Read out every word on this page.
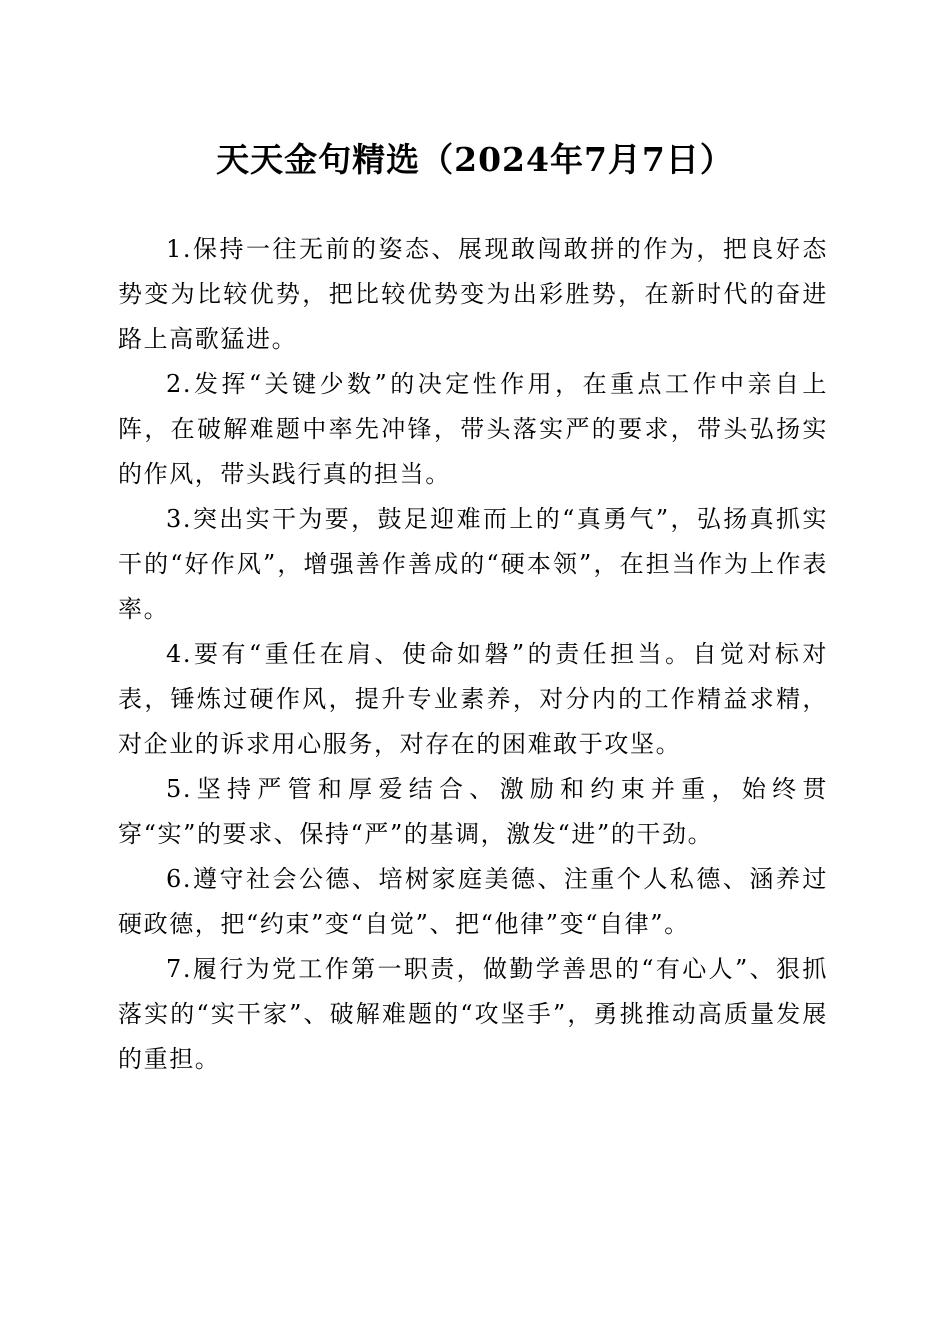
天天金句精选（2024年7月7日）

1.保持一往无前的姿态、展现敢闯敢拼的作为，把良好态势变为比较优势，把比较优势变为出彩胜势，在新时代的奋进路上高歌猛进。

2.发挥“关键少数”的决定性作用，在重点工作中亲自上阵，在破解难题中率先冲锋，带头落实严的要求，带头弘扬实的作风，带头践行真的担当。

3.突出实干为要，鼓足迎难而上的“真勇气”，弘扬真抓实干的“好作风”，增强善作善成的“硬本领”，在担当作为上作表率。

4.要有“重任在肩、使命如磐”的责任担当。自觉对标对表，锤炼过硬作风，提升专业素养，对分内的工作精益求精，对企业的诉求用心服务，对存在的困难敢于攻坚。

5.坚持严管和厚爱结合、激励和约束并重，始终贯穿“实”的要求、保持“严”的基调，激发“进”的干劲。

6.遵守社会公德、培树家庭美德、注重个人私德、涵养过硬政德，把“约束”变“自觉”、把“他律”变“自律”。

7.履行为党工作第一职责，做勤学善思的“有心人”、狠抓落实的“实干家”、破解难题的“攻坚手”，勇挑推动高质量发展的重担。
